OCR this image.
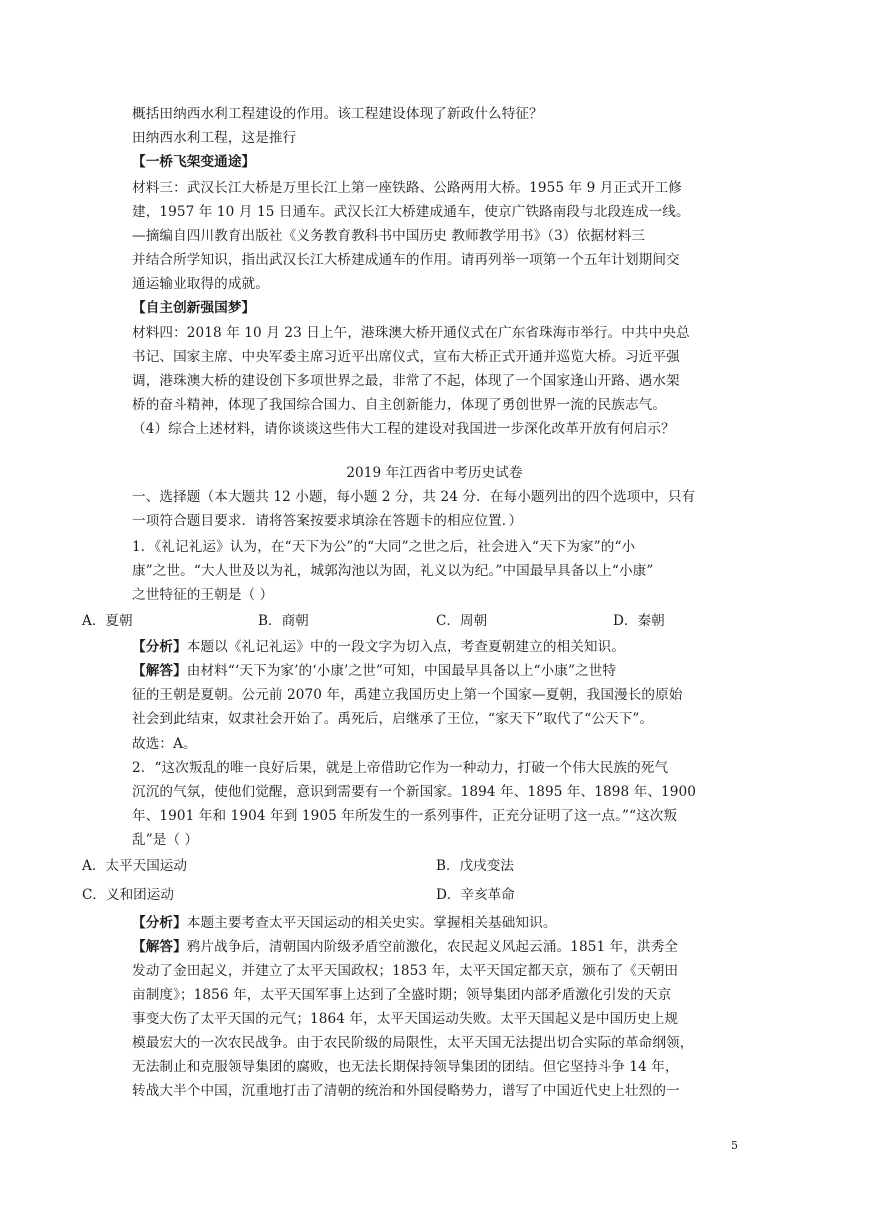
概括田纳西水利工程建设的作用。该工程建设体现了新政什么特征？
田纳西水利工程，这是推行
【一桥飞架变通途】
材料三：武汉长江大桥是万里长江上第一座铁路、公路两用大桥。1955 年 9 月正式开工修
建，1957 年 10 月 15 日通车。武汉长江大桥建成通车，使京广铁路南段与北段连成一线。
—摘编自四川教育出版社《义务教育教科书中国历史 教师教学用书》（3）依据材料三
并结合所学知识，指出武汉长江大桥建成通车的作用。请再列举一项第一个五年计划期间交
通运输业取得的成就。
【自主创新强国梦】
材料四：2018 年 10 月 23 日上午，港珠澳大桥开通仪式在广东省珠海市举行。中共中央总
书记、国家主席、中央军委主席习近平出席仪式，宣布大桥正式开通并巡览大桥。习近平强
调，港珠澳大桥的建设创下多项世界之最，非常了不起，体现了一个国家逢山开路、遇水架
桥的奋斗精神，体现了我国综合国力、自主创新能力，体现了勇创世界一流的民族志气。
（4）综合上述材料，请你谈谈这些伟大工程的建设对我国进一步深化改革开放有何启示？
2019 年江西省中考历史试卷
一、选择题（本大题共 12 小题，每小题 2 分，共 24 分．在每小题列出的四个选项中，只有
一项符合题目要求．请将答案按要求填涂在答题卡的相应位置．）
1．《礼记礼运》认为，在“天下为公”的“大同”之世之后，社会进入“天下为家”的“小
康”之世。“大人世及以为礼，城郭沟池以为固，礼义以为纪。”中国最早具备以上“小康”
之世特征的王朝是（ ）
A．夏朝	B．商朝	C．周朝	D．秦朝
【分析】本题以《礼记礼运》中的一段文字为切入点，考查夏朝建立的相关知识。
【解答】由材料“‘天下为家’的‘小康’之世”可知，中国最早具备以上“小康”之世特
征的王朝是夏朝。公元前 2070 年，禹建立我国历史上第一个国家—夏朝，我国漫长的原始
社会到此结束，奴隶社会开始了。禹死后，启继承了王位，“家天下”取代了“公天下”。
故选：A。
2．“这次叛乱的唯一良好后果，就是上帝借助它作为一种动力，打破一个伟大民族的死气
沉沉的气氛，使他们觉醒，意识到需要有一个新国家。1894 年、1895 年、1898 年、1900
年、1901 年和 1904 年到 1905 年所发生的一系列事件，正充分证明了这一点。”“这次叛
乱”是（ ）
A．太平天国运动	B．戊戌变法
C．义和团运动	D．辛亥革命
【分析】本题主要考查太平天国运动的相关史实。掌握相关基础知识。
【解答】鸦片战争后，清朝国内阶级矛盾空前激化，农民起义风起云涌。1851 年，洪秀全
发动了金田起义，并建立了太平天国政权；1853 年，太平天国定都天京，颁布了《天朝田
亩制度》；1856 年，太平天国军事上达到了全盛时期；领导集团内部矛盾激化引发的天京
事变大伤了太平天国的元气；1864 年，太平天国运动失败。太平天国起义是中国历史上规
模最宏大的一次农民战争。由于农民阶级的局限性，太平天国无法提出切合实际的革命纲领，
无法制止和克服领导集团的腐败，也无法长期保持领导集团的团结。但它坚持斗争 14 年，
转战大半个中国，沉重地打击了清朝的统治和外国侵略势力，谱写了中国近代史上壮烈的一
5
